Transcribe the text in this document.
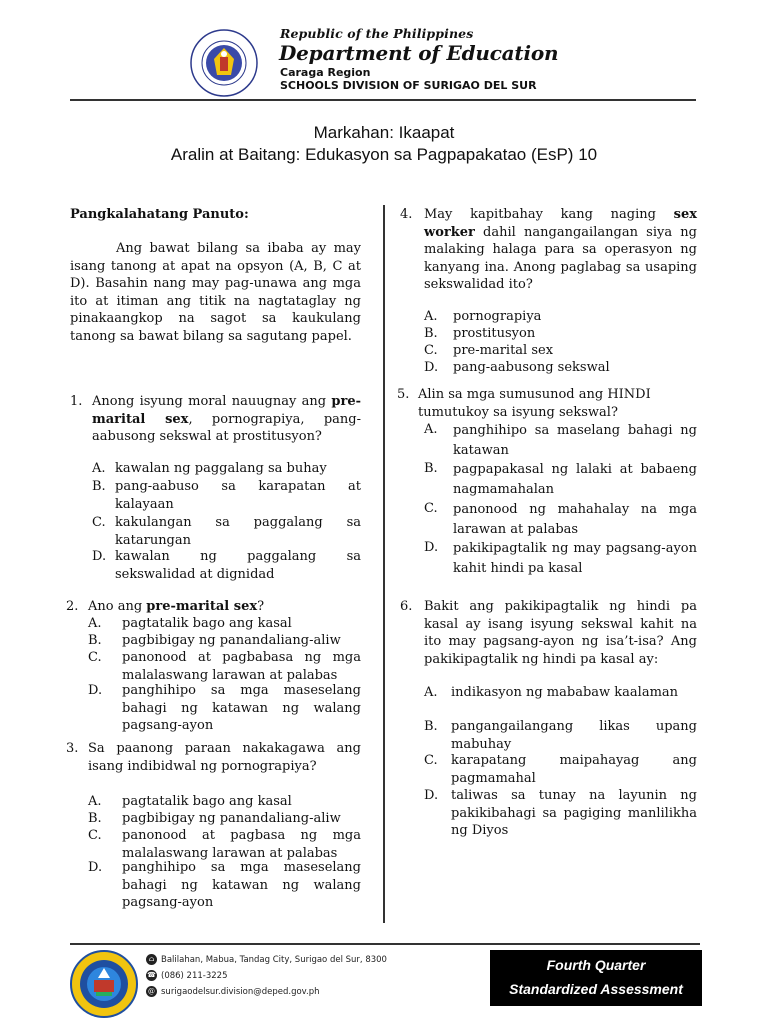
Republic of the Philippines
Department of Education
Caraga Region
SCHOOLS DIVISION OF SURIGAO DEL SUR
Markahan: Ikaapat
Aralin at Baitang: Edukasyon sa Pagpapakatao (EsP) 10
Pangkalahatang Panuto:
Ang bawat bilang sa ibaba ay may isang tanong at apat na opsyon (A, B, C at D). Basahin nang may pag-unawa ang mga ito at itiman ang titik na nagtataglay ng pinakaangkop na sagot sa kaukulang tanong sa bawat bilang sa sagutang papel.
1. Anong isyung moral nauugnay ang pre-marital sex, pornograpiya, pang-aabusong sekswal at prostitusyon?
A. kawalan ng paggalang sa buhay
B. pang-aabuso sa karapatan at kalayaan
C. kakulangan sa paggalang sa katarungan
D. kawalan ng paggalang sa sekswalidad at dignidad
2. Ano ang pre-marital sex?
A. pagtatalik bago ang kasal
B. pagbibigay ng panandaliang-aliw
C. panonood at pagbabasa ng mga malalaswang larawan at palabas
D. panghihipo sa mga maseselang bahagi ng katawan ng walang pagsang-ayon
3. Sa paanong paraan nakakagawa ang isang indibidwal ng pornograpiya?
A. pagtatalik bago ang kasal
B. pagbibigay ng panandaliang-aliw
C. panonood at pagbasa ng mga malalaswang larawan at palabas
D. panghihipo sa mga maseselang bahagi ng katawan ng walang pagsang-ayon
4. May kapitbahay kang naging sex worker dahil nangangailangan siya ng malaking halaga para sa operasyon ng kanyang ina. Anong paglabag sa usaping sekswalidad ito?
A. pornograpiya
B. prostitusyon
C. pre-marital sex
D. pang-aabusong sekswal
5. Alin sa mga sumusunod ang HINDI tumutukoy sa isyung sekswal?
A. panghihipo sa maselang bahagi ng katawan
B. pagpapakasal ng lalaki at babaeng nagmamahalan
C. panonood ng mahahalay na mga larawan at palabas
D. pakikipagtalik ng may pagsang-ayon kahit hindi pa kasal
6. Bakit ang pakikipagtalik ng hindi pa kasal ay isang isyung sekswal kahit na ito may pagsang-ayon ng isa’t-isa? Ang pakikipagtalik ng hindi pa kasal ay:
A. indikasyon ng mababaw kaalaman
B. pangangailangang likas upang mabuhay
C. karapatang maipahayag ang pagmamahal
D. taliwas sa tunay na layunin ng pakikibahagi sa pagiging manlilikha ng Diyos
⌂ Balilahan, Mabua, Tandag City, Surigao del Sur, 8300
☎ (086) 211-3225
@ surigaodelsur.division@deped.gov.ph
Fourth Quarter
Standardized Assessment
